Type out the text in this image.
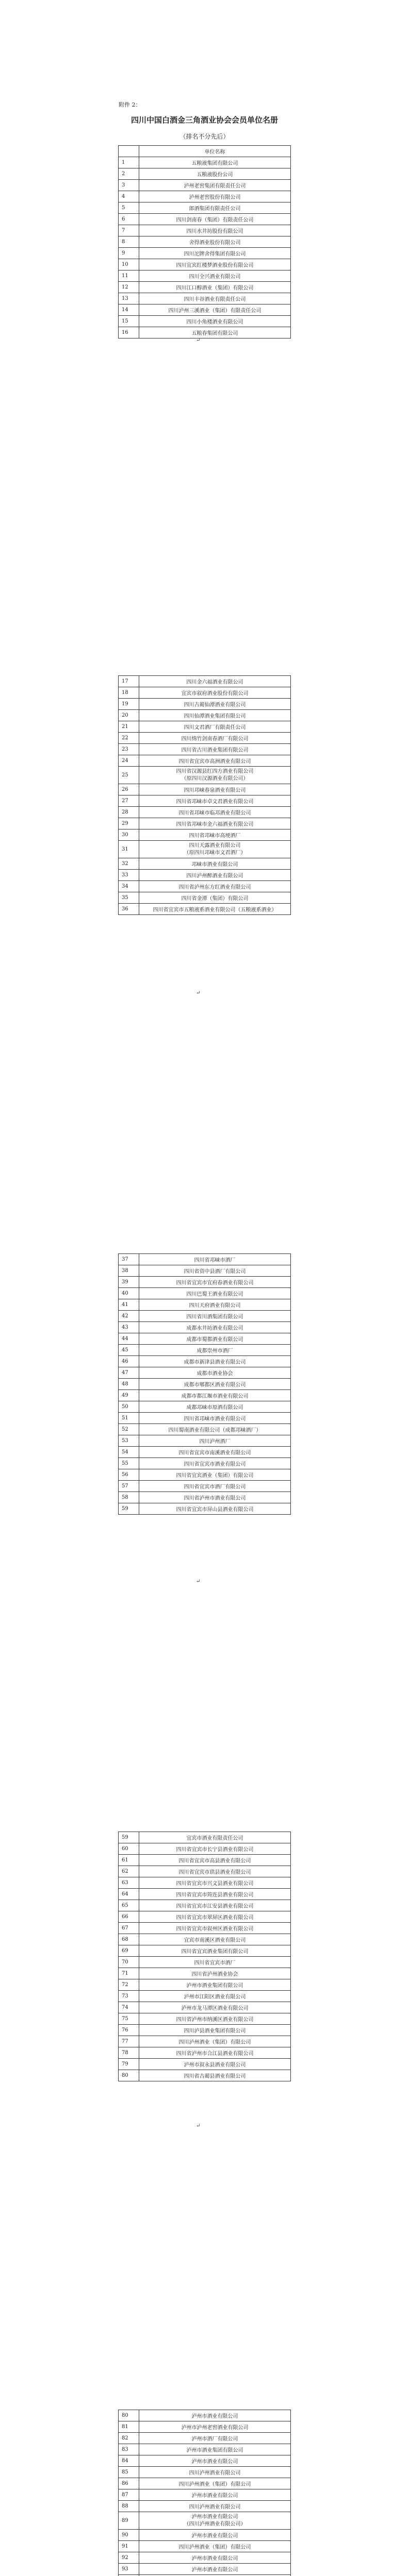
附件 2：
四川中国白酒金三角酒业协会会员单位名册
（排名不分先后）
	单位名称
1	五粮液集团有限公司
2	五粮液股份公司
3	泸州老窖集团有限责任公司
4	泸州老窖股份有限公司
5	郎酒集团有限责任公司
6	四川剑南春（集团）有限责任公司
7	四川水井坊股份有限公司
8	舍得酒业股份有限公司
9	四川沱牌舍得集团有限公司
10	四川宜宾红楼梦酒业股份有限公司
11	四川全兴酒业有限公司
12	四川江口醇酒业（集团）有限公司
13	四川丰谷酒业有限责任公司
14	四川泸州三溪酒业（集团）有限责任公司
15	四川小角楼酒业有限公司
16	五粮春集团有限公司
↵
17	四川金六福酒业有限公司
18	宜宾市叙府酒业股份有限公司
19	四川古蔺仙潭酒业有限公司
20	四川仙潭酒业集团有限公司
21	四川文君酒厂有限责任公司
22	四川绵竹剑南春酒厂有限公司
23	四川省古川酒业集团有限公司
24	四川省宜宾市高洲酒业有限公司
25	四川省汉源县红四方酒业有限公司
（原四川汉源酒业有限公司）

26	四川邛崃春泉酒业有限公司
27	四川省邛崃市卓文君酒业有限公司
28	四川省邛崃市临邛酒业有限公司
29	四川省邛崃市金六福酒业有限公司
30	四川省邛崃市高埂酒厂
31	四川天露酒业有限公司
（原四川邛崃市文君酒厂）

32	邛崃市酒业有限公司
33	四川泸州醉酒业有限公司
34	四川省泸州东方红酒业有限公司
35	四川省金潭（集团）有限公司
36	四川省宜宾市五粮液系酒业有限公司（五粮液系酒业）
↵
37	四川省邛崃市酒厂
38	四川省资中县酒厂有限公司
39	四川省宜宾市宜府春酒业有限公司
40	四川巴蜀王酒业有限公司
41	四川天府酒业有限公司
42	四川省川酒集团有限公司
43	成都水井坊酒业有限公司
44	成都市蜀都酒业有限公司
45	成都崇州市酒厂
46	成都市新津县酒业有限公司
47	成都市酒业协会
48	成都市郫都区酒业有限公司
49	成都市都江堰市酒业有限公司
50	成都邛崃市原酒有限公司
51	四川省邛崃市酒业有限公司
52	四川蜀南酒业有限公司（成都邛崃酒厂）
53	四川泸州酒厂
54	四川省宜宾市南溪酒业有限公司
55	四川省宜宾市酒业有限公司
56	四川省宜宾酒业（集团）有限公司
57	四川省宜宾市酒厂有限公司
58	四川省泸州市酒业有限公司
59	四川省宜宾市屏山县酒业有限公司
↵
59	宜宾市酒业有限责任公司
60	四川省宜宾市长宁县酒业有限公司
61	四川省宜宾市高县酒业有限公司
62	四川省宜宾市珙县酒业有限公司
63	四川省宜宾市兴文县酒业有限公司
64	四川省宜宾市筠连县酒业有限公司
65	四川省宜宾市江安县酒业有限公司
66	四川省宜宾市翠屏区酒业有限公司
67	四川省宜宾市叙州区酒业有限公司
68	宜宾市南溪区酒业有限公司
69	四川省宜宾酒业集团有限公司
70	四川省宜宾市酒厂
71	四川省泸州酒业协会
72	泸州市酒业集团有限公司
73	泸州市江阳区酒业有限公司
74	泸州市龙马潭区酒业有限公司
75	四川省泸州市纳溪区酒业有限公司
76	四川泸县酒业集团有限公司
77	四川泸州酒业（集团）有限公司
78	四川省泸州市合江县酒业有限公司
79	泸州市叙永县酒业有限公司
80	四川省古蔺县酒业有限公司
↵
80	泸州市酒业有限公司
81	泸州市泸州老窖酒业有限公司
82	泸州市酒厂有限公司
83	泸州市酒业集团有限公司
84	泸州市酒业有限公司
85	四川泸州酒业有限公司
86	四川泸州酒业（集团）有限公司
87	泸州市酒业有限公司
88	四川泸州酒业有限公司
89	泸州市酒业有限公司
（四川泸州酒业有限公司）

90	泸州市酒业有限公司
91	四川泸州酒业（集团）有限公司
92	泸州市酒业有限公司
93	泸州市酒业有限公司
